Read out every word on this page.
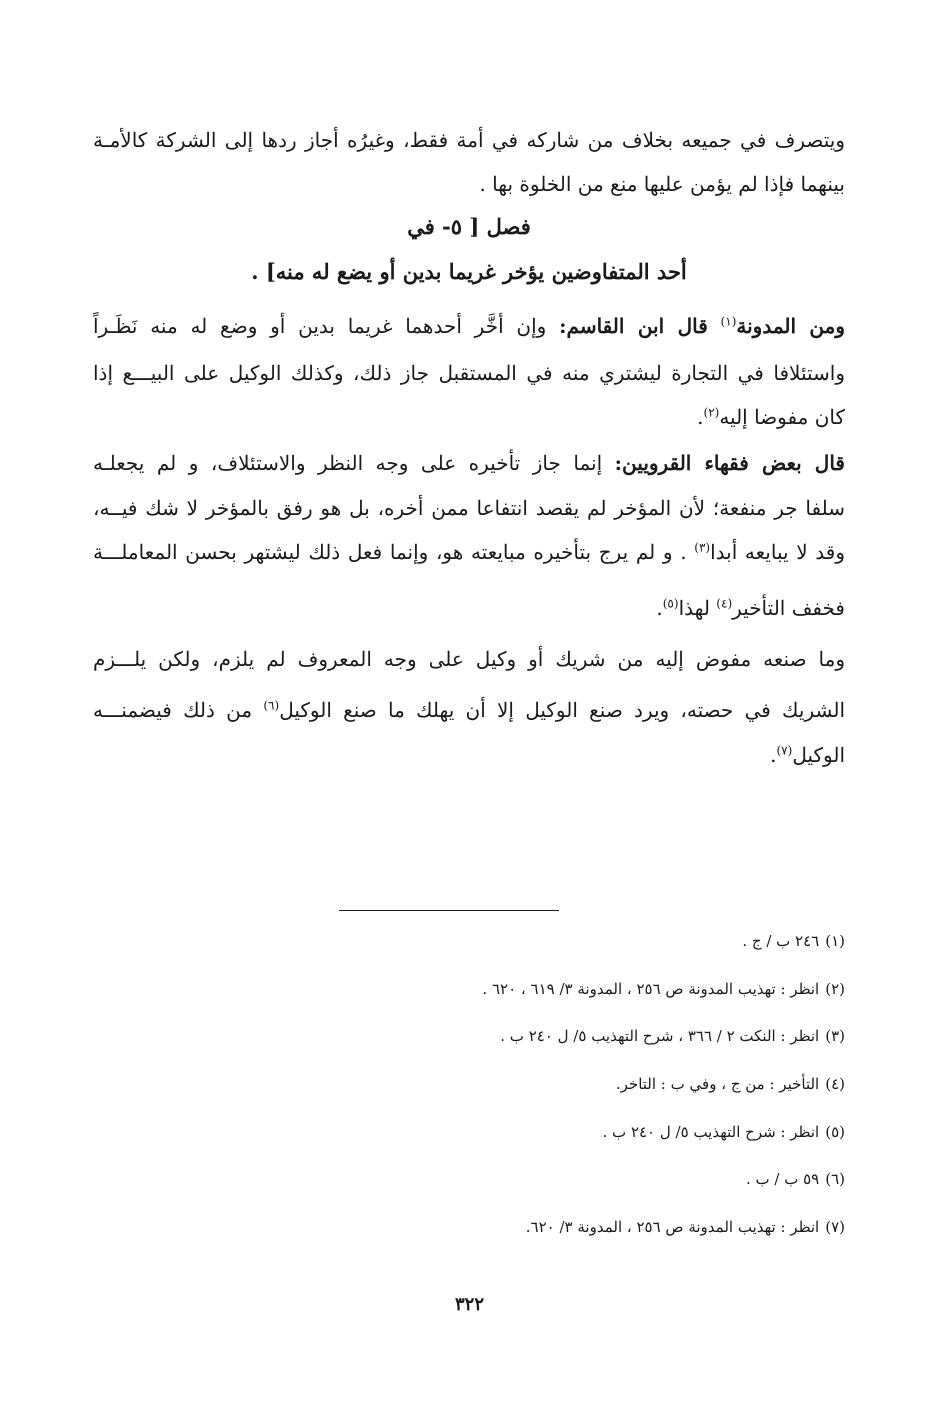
ويتصرف في جميعه بخلاف من شاركه في أمة فقط، وغيرُه أجاز ردها إلى الشركة كالأمـة
بينهما فإذا لم يؤمن عليها منع من الخلوة بها .
فصل [ ٥- في
أحد المتفاوضين يؤخر غريما بدين أو يضع له منه] .
ومن المدونة$^{(١)}$ قال ابن القاسم: وإن أخَّر أحدهما غريما بدين أو وضع له منه نَظَـراً
واستئلافا في التجارة ليشتري منه في المستقبل جاز ذلك، وكذلك الوكيل على البيـــع إذا
كان مفوضا إليه$^{(٢)}$.
قال بعض فقهاء القرويين: إنما جاز تأخيره على وجه النظر والاستئلاف، و لم يجعلـه
سلفا جر منفعة؛ لأن المؤخر لم يقصد انتفاعا ممن أخره، بل هو رفق بالمؤخر لا شك فيــه،
وقد لا يبايعه أبدا$^{(٣)}$ . و لم يرج بتأخيره مبايعته هو، وإنما فعل ذلك ليشتهر بحسن المعاملـــة
فخفف التأخير$^{(٤)}$ لهذا$^{(٥)}$.
وما صنعه مفوض إليه من شريك أو وكيل على وجه المعروف لم يلزم، ولكن يلـــزم
الشريك في حصته، ويرد صنع الوكيل إلا أن يهلك ما صنع الوكيل$^{(٦)}$ من ذلك فيضمنـــه
الوكيل$^{(٧)}$.
(١)٢٤٦ ب / ج .
(٢)انظر : تهذيب المدونة ص ٢٥٦ ، المدونة ٣/ ٦١٩ ، ٦٢٠ .
(٣)انظر : النكت ٢ / ٣٦٦ ، شرح التهذيب ٥/ ل ٢٤٠ ب .
(٤)التأخير : من ج ، وفي ب : التاخر.
(٥)انظر : شرح التهذيب ٥/ ل ٢٤٠ ب .
(٦)٥٩ ب / ب .
(٧)انظر : تهذيب المدونة ص ٢٥٦ ، المدونة ٣/ ٦٢٠.
٣٢٢
